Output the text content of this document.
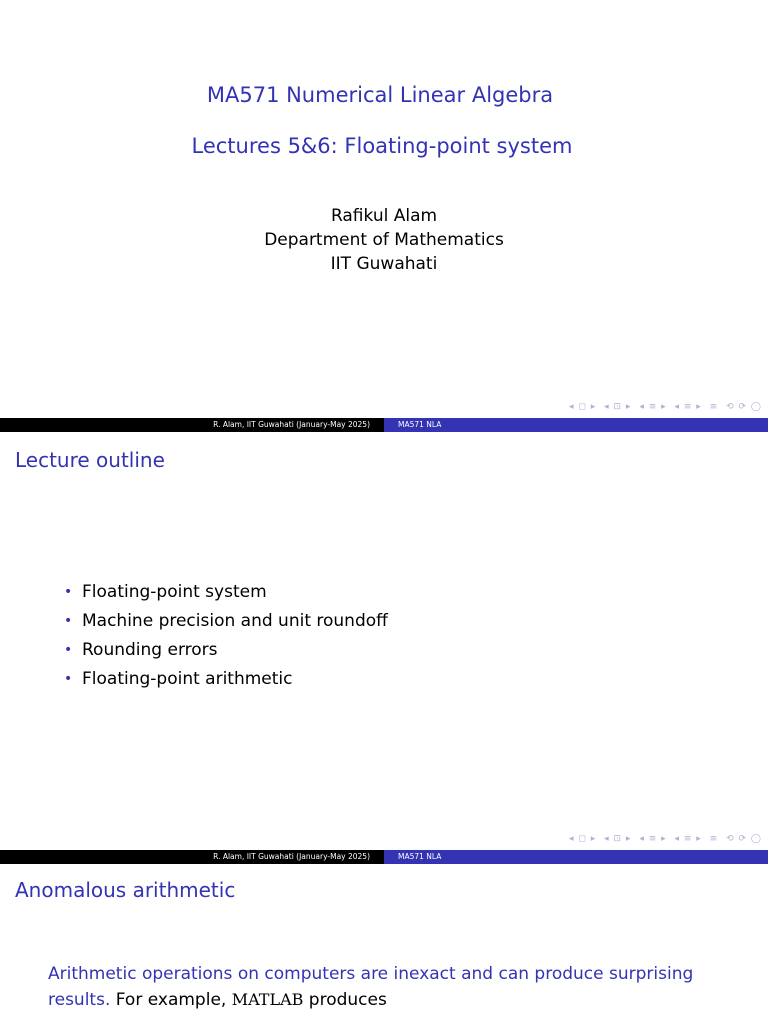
MA571 Numerical Linear Algebra
Lectures 5&6: Floating-point system
Rafikul Alam
Department of Mathematics
IIT Guwahati
◂ ◻ ▸ ◂ ⊡ ▸ ◂ ≡ ▸ ◂ ≡ ▸ ≡ ⟲ ⟳ ◯
R. Alam, IIT Guwahati (January-May 2025)	MA571 NLA
Lecture outline
• Floating-point system
• Machine precision and unit roundoff
• Rounding errors
• Floating-point arithmetic
◂ ◻ ▸ ◂ ⊡ ▸ ◂ ≡ ▸ ◂ ≡ ▸ ≡ ⟲ ⟳ ◯
R. Alam, IIT Guwahati (January-May 2025)	MA571 NLA
Anomalous arithmetic
Arithmetic operations on computers are inexact and can produce surprising
results. For example, MATLAB produces
